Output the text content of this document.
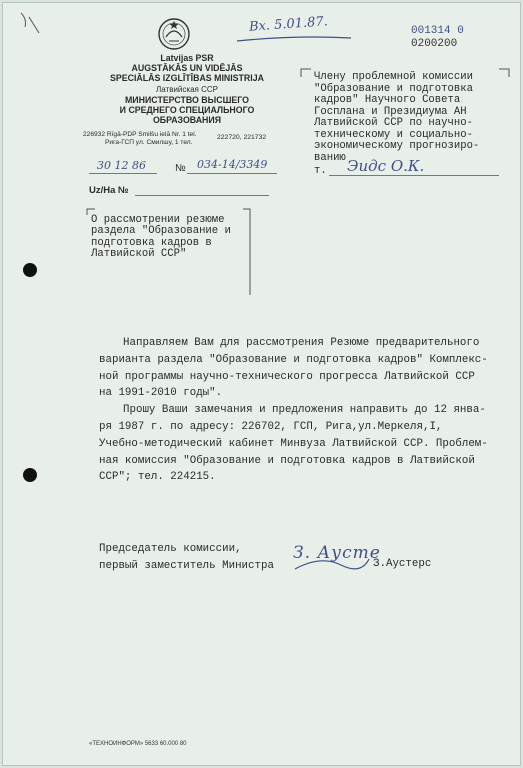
Вх. 5.01.87.	001314 0
0200200
Latvijas PSR
AUGSTĀKĀS UN VIDĒJĀS
SPECIĀLĀS IZGLĪTĪBAS MINISTRIJA
Латвийская ССР
МИНИСТЕРСТВО ВЫСШЕГО
И СРЕДНЕГО СПЕЦИАЛЬНОГО
ОБРАЗОВАНИЯ
226932 Rīgā-PDP Smilšu ielā Nr. 1 tel.
Рига-ГСП ул. Смилшу, 1 тел.
222720, 221732
30 12 86	№ 034-14/3349
Uz/На №
О рассмотрении резюме
раздела "Образование и
подготовка кадров в
Латвийской ССР"
Члену проблемной комиссии
"Образование и подготовка
кадров" Научного Совета
Госплана и Президиума АН
Латвийской ССР по научно-
техническому и социально-
экономическому прогнозиро-
ванию
т. Эидс О.К.
Направляем Вам для рассмотрения Резюме предварительного
варианта раздела "Образование и подготовка кадров" Комплекс-
ной программы научно-технического прогресса Латвийской ССР
на 1991-2010 годы".
Прошу Ваши замечания и предложения направить до 12 янва-
ря 1987 г. по адресу: 226702, ГСП, Рига,ул.Меркеля,I,
Учебно-методический кабинет Минвуза Латвийской ССР. Проблем-
ная комиссия "Образование и подготовка кадров в Латвийской
ССР"; тел. 224215.
Председатель комиссии,
первый заместитель Министра
З. Аусте
З.Аустерс
«ТЕХНОИНФОРМ» 5633 60.000 80
